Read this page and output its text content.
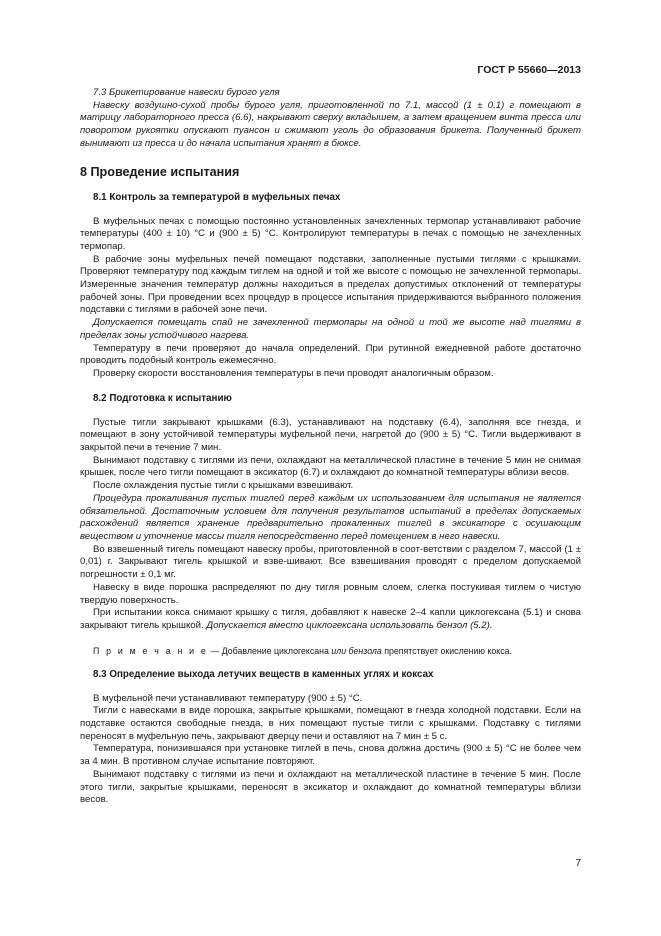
ГОСТ Р 55660—2013

7.3 Брикетирование навески бурого угля

Навеску воздушно-сухой пробы бурого угля, приготовленной по 7.1, массой (1 ± 0,1) г помещают в матрицу лабораторного пресса (6.6), накрывают сверху вкладышем, а затем вращением винта пресса или поворотом рукоятки опускают пуансон и сжимают уголь до образования брикета. Полученный брикет вынимают из пресса и до начала испытания хранят в бюксе.

8 Проведение испытания
8.1 Контроль за температурой в муфельных печах

В муфельных печах с помощью постоянно установленных зачехленных термопар устанавливают рабочие температуры (400 ± 10) °С и (900 ± 5) °С. Контролируют температуры в печах с помощью не зачехленных термопар.

В рабочие зоны муфельных печей помещают подставки, заполненные пустыми тиглями с крышками. Проверяют температуру под каждым тиглем на одной и той же высоте с помощью не зачехленной термопары. Измеренные значения температур должны находиться в пределах допустимых отклонений от температуры рабочей зоны. При проведении всех процедур в процессе испытания придерживаются выбранного положения подставки с тиглями в рабочей зоне печи.

Допускается помещать спай не зачехленной термопары на одной и той же высоте над тиглями в пределах зоны устойчивого нагрева.

Температуру в печи проверяют до начала определений. При рутинной ежедневной работе достаточно проводить подобный контроль ежемесячно.

Проверку скорости восстановления температуры в печи проводят аналогичным образом.

8.2 Подготовка к испытанию

Пустые тигли закрывают крышками (6.3), устанавливают на подставку (6.4), заполняя все гнезда, и помещают в зону устойчивой температуры муфельной печи, нагретой до (900 ± 5) °С. Тигли выдерживают в закрытой печи в течение 7 мин.

Вынимают подставку с тиглями из печи, охлаждают на металлической пластине в течение 5 мин не снимая крышек, после чего тигли помещают в эксикатор (6.7) и охлаждают до комнатной температуры вблизи весов.

После охлаждения пустые тигли с крышками взвешивают.

Процедура прокаливания пустых тиглей перед каждым их использованием для испытания не является обязательной. Достаточным условием для получения результатов испытаний в пределах допускаемых расхождений является хранение предварительно прокаленных тиглей в эксикаторе с осушающим веществом и уточнение массы тигля непосредственно перед помещением в него навески.

Во взвешенный тигель помещают навеску пробы, приготовленной в соот-ветствии с разделом 7, массой (1 ± 0,01) г. Закрывают тигель крышкой и взве-шивают. Все взвешивания проводят с пределом допускаемой погрешности ± 0,1 мг.

Навеску в виде порошка распределяют по дну тигля ровным слоем, слегка постукивая тиглем о чистую твердую поверхность.

При испытании кокса снимают крышку с тигля, добавляют к навеске 2–4 капли циклогексана (5.1) и снова закрывают тигель крышкой. Допускается вместо циклогексана использовать бензол (5.2).

П р и м е ч а н и е — Добавление циклогексана или бензола препятствует окислению кокса.

8.3 Определение выхода летучих веществ в каменных углях и коксах

В муфельной печи устанавливают температуру (900 ± 5) °С.

Тигли с навесками в виде порошка, закрытые крышками, помещают в гнезда холодной подставки. Если на подставке остаются свободные гнезда, в них помещают пустые тигли с крышками. Подставку с тиглями переносят в муфельную печь, закрывают дверцу печи и оставляют на 7 мин ± 5 с.

Температура, понизившаяся при установке тиглей в печь, снова должна достичь (900 ± 5) °С не более чем за 4 мин. В противном случае испытание повторяют.

Вынимают подставку с тиглями из печи и охлаждают на металлической пластине в течение 5 мин. После этого тигли, закрытые крышками, переносят в эксикатор и охлаждают до комнатной температуры вблизи весов.

7
